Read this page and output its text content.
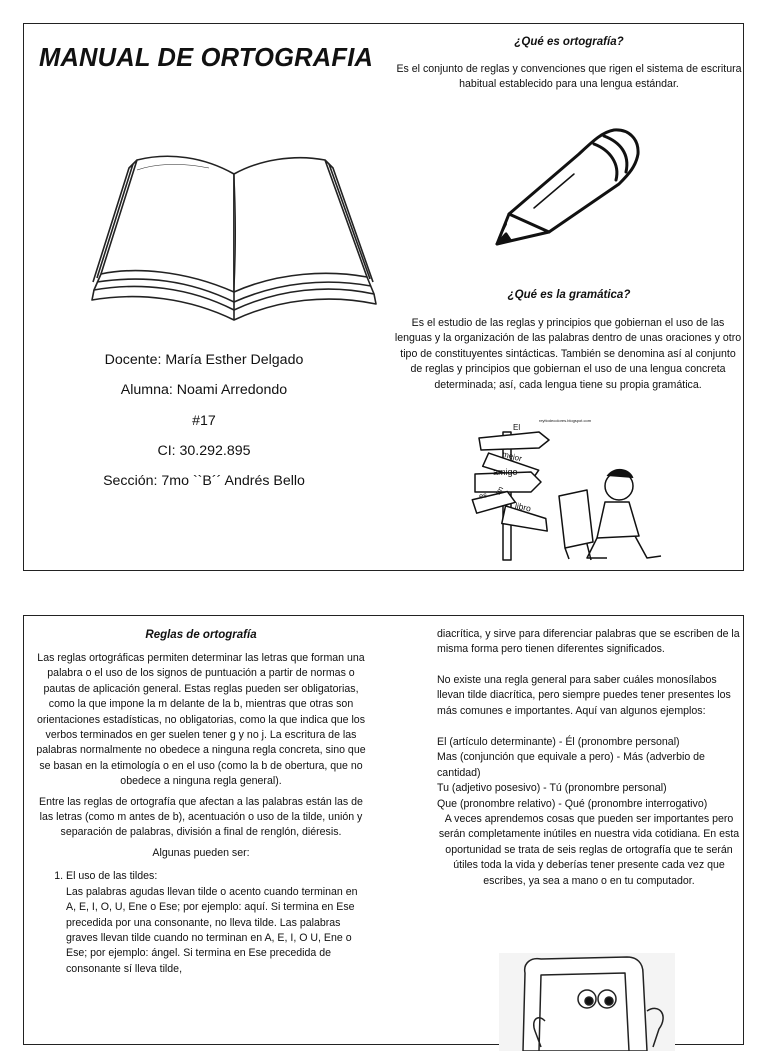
MANUAL DE ORTOGRAFIA
Docente: María Esther Delgado
Alumna: Noami Arredondo
#17
CI: 30.292.895
Sección: 7mo ``B´´ Andrés Bello
¿Qué es ortografía?
Es el conjunto de reglas y convenciones que rigen el sistema de escritura habitual establecido para una lengua estándar.
¿Qué es la gramática?
Es el estudio de las reglas y principios que gobiernan el uso de las lenguas y la organización de las palabras dentro de unas oraciones y otro tipo de constituyentes sintácticas. También se denomina así al conjunto de reglas y principios que gobiernan el uso de una lengua concreta determinada; así, cada lengua tiene su propia gramática.
reyitodecolores.blogspot.com
El
mejor
amigo
es un
libro
Reglas de ortografía

Las reglas ortográficas permiten determinar las letras que forman una palabra o el uso de los signos de puntuación a partir de normas o pautas de aplicación general. Estas reglas pueden ser obligatorias, como la que impone la m delante de la b, mientras que otras son orientaciones estadísticas, no obligatorias, como la que indica que los verbos terminados en ger suelen tener g y no j. La escritura de las palabras normalmente no obedece a ninguna regla concreta, sino que se basan en la etimología o en el uso (como la b de obertura, que no obedece a ninguna regla general).

Entre las reglas de ortografía que afectan a las palabras están las de las letras (como m antes de b), acentuación o uso de la tilde, unión y separación de palabras, división a final de renglón, diéresis.

Algunas pueden ser:

1. El uso de las tildes:
Las palabras agudas llevan tilde o acento cuando terminan en A, E, I, O, U, Ene o Ese; por ejemplo: aquí. Si termina en Ese precedida por una consonante, no lleva tilde. Las palabras graves llevan tilde cuando no terminan en A, E, I, O U, Ene o Ese; por ejemplo: ángel. Si termina en Ese precedida de consonante sí lleva tilde,

diacrítica, y sirve para diferenciar palabras que se escriben de la misma forma pero tienen diferentes significados.

No existe una regla general para saber cuáles monosílabos llevan tilde diacrítica, pero siempre puedes tener presentes los más comunes e importantes. Aquí van algunos ejemplos:

El (artículo determinante) - Él (pronombre personal)
Mas (conjunción que equivale a pero) - Más (adverbio de cantidad)
Tu (adjetivo posesivo) - Tú (pronombre personal)
Que (pronombre relativo) - Qué (pronombre interrogativo)

A veces aprendemos cosas que pueden ser importantes pero serán completamente inútiles en nuestra vida cotidiana. En esta oportunidad se trata de seis reglas de ortografía que te serán útiles toda la vida y deberías tener presente cada vez que escribes, ya sea a mano o en tu computador.
